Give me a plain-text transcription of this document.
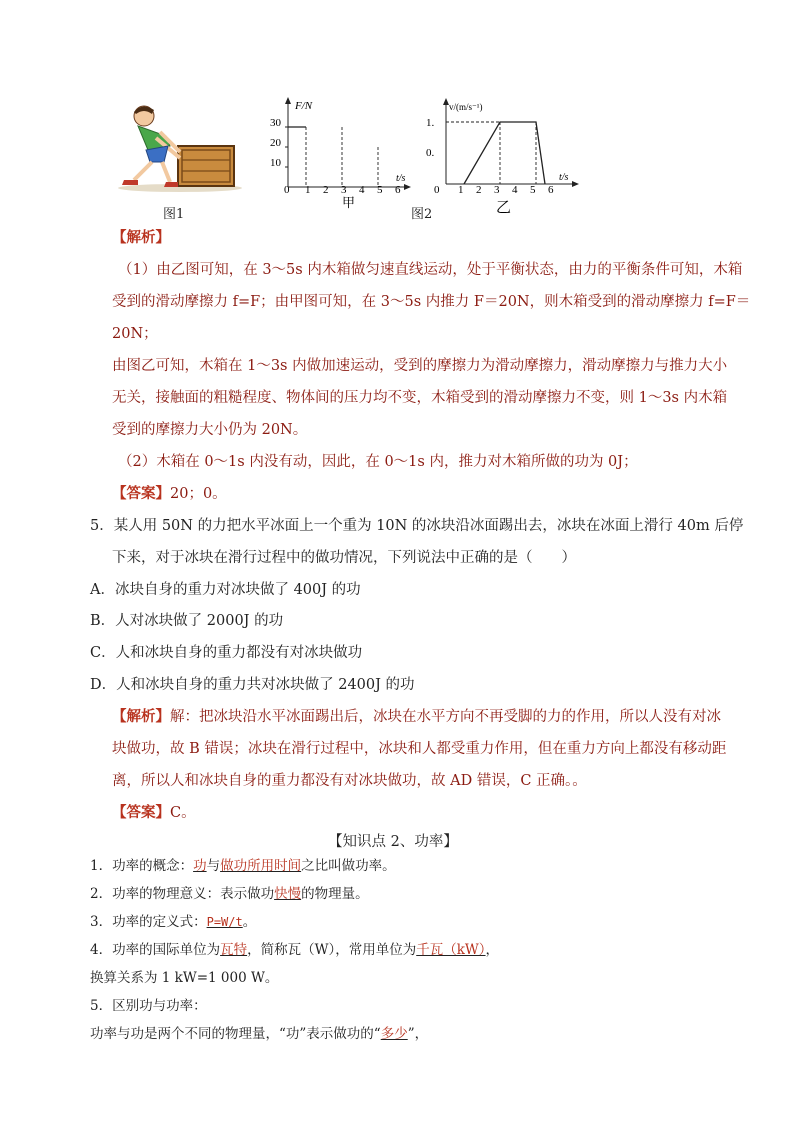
图1
F/N
t/s
30
20
10
0 1 2 3 4 5 6
甲
v/(m/s⁻¹)
t/s
1.
0.
0 1 2 3 4 5 6
乙
图2
【解析】
（1）由乙图可知，在 3～5s 内木箱做匀速直线运动，处于平衡状态，由力的平衡条件可知，木箱
受到的滑动摩擦力 f=F；由甲图可知，在 3～5s 内推力 F＝20N，则木箱受到的滑动摩擦力 f=F＝
20N；
由图乙可知，木箱在 1～3s 内做加速运动，受到的摩擦力为滑动摩擦力，滑动摩擦力与推力大小
无关，接触面的粗糙程度、物体间的压力均不变，木箱受到的滑动摩擦力不变，则 1～3s 内木箱
受到的摩擦力大小仍为 20N。
（2）木箱在 0～1s 内没有动，因此，在 0～1s 内，推力对木箱所做的功为 0J；
【答案】20；0。
5．某人用 50N 的力把水平冰面上一个重为 10N 的冰块沿冰面踢出去，冰块在冰面上滑行 40m 后停
下来，对于冰块在滑行过程中的做功情况，下列说法中正确的是（　　）
A．冰块自身的重力对冰块做了 400J 的功
B．人对冰块做了 2000J 的功
C．人和冰块自身的重力都没有对冰块做功
D．人和冰块自身的重力共对冰块做了 2400J 的功
【解析】解：把冰块沿水平冰面踢出后，冰块在水平方向不再受脚的力的作用，所以人没有对冰
块做功，故 B 错误；冰块在滑行过程中，冰块和人都受重力作用，但在重力方向上都没有移动距
离，所以人和冰块自身的重力都没有对冰块做功，故 AD 错误，C 正确。。
【答案】C。
【知识点 2、功率】
1．功率的概念：功与做功所用时间之比叫做功率。
2．功率的物理意义：表示做功快慢的物理量。
3．功率的定义式：P=W/t。
4．功率的国际单位为瓦特，简称瓦（W），常用单位为千瓦（kW），
换算关系为 1 kW=1 000 W。
5．区别功与功率：
功率与功是两个不同的物理量，“功”表示做功的“多少”，
